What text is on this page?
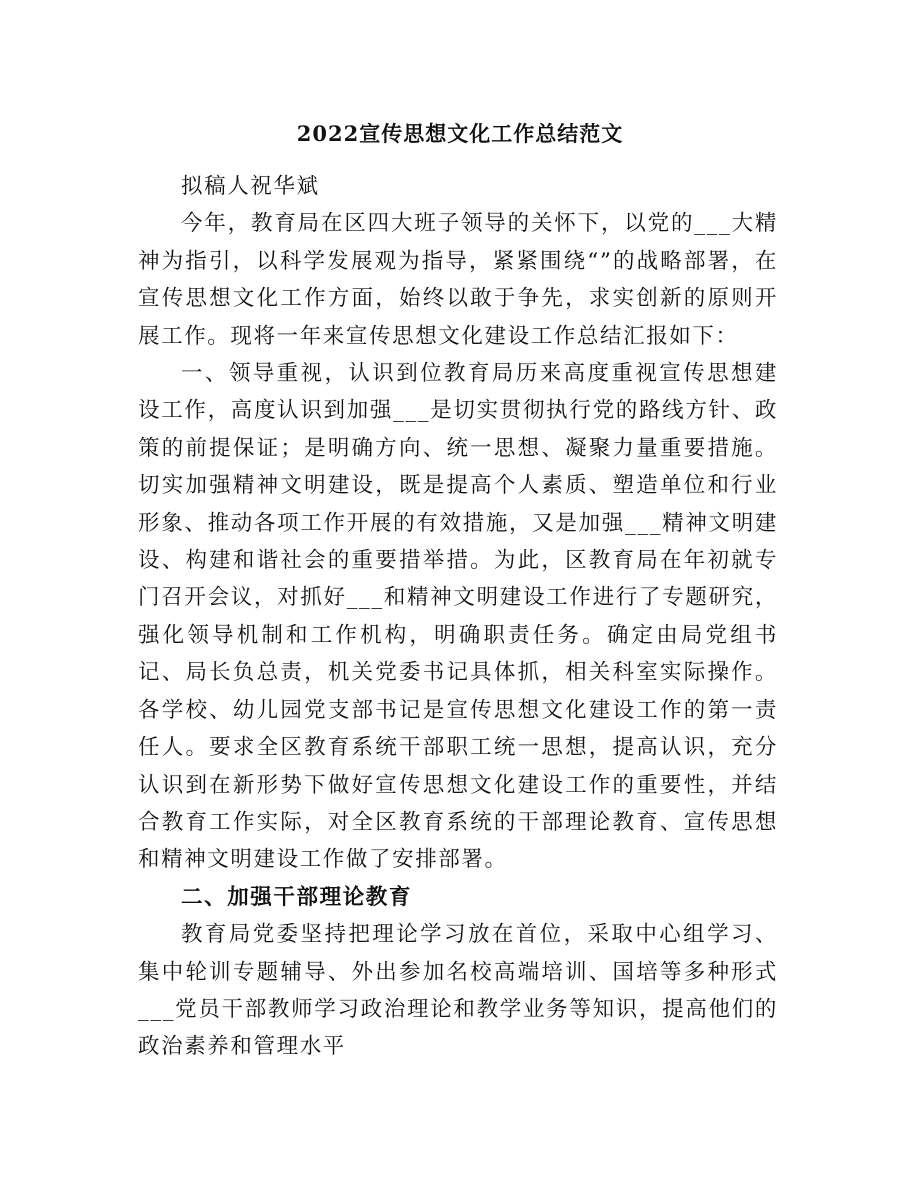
2022宣传思想文化工作总结范文

拟稿人祝华斌

今年，教育局在区四大班子领导的关怀下，以党的___大精神为指引，以科学发展观为指导，紧紧围绕“”的战略部署，在宣传思想文化工作方面，始终以敢于争先，求实创新的原则开展工作。现将一年来宣传思想文化建设工作总结汇报如下：

一、领导重视，认识到位教育局历来高度重视宣传思想建设工作，高度认识到加强___是切实贯彻执行党的路线方针、政策的前提保证；是明确方向、统一思想、凝聚力量重要措施。切实加强精神文明建设，既是提高个人素质、塑造单位和行业形象、推动各项工作开展的有效措施，又是加强___精神文明建设、构建和谐社会的重要措举措。为此，区教育局在年初就专门召开会议，对抓好___和精神文明建设工作进行了专题研究，强化领导机制和工作机构，明确职责任务。确定由局党组书记、局长负总责，机关党委书记具体抓，相关科室实际操作。各学校、幼儿园党支部书记是宣传思想文化建设工作的第一责任人。要求全区教育系统干部职工统一思想，提高认识，充分认识到在新形势下做好宣传思想文化建设工作的重要性，并结合教育工作实际，对全区教育系统的干部理论教育、宣传思想和精神文明建设工作做了安排部署。

二、加强干部理论教育

教育局党委坚持把理论学习放在首位，采取中心组学习、集中轮训专题辅导、外出参加名校高端培训、国培等多种形式___党员干部教师学习政治理论和教学业务等知识，提高他们的政治素养和管理水平
